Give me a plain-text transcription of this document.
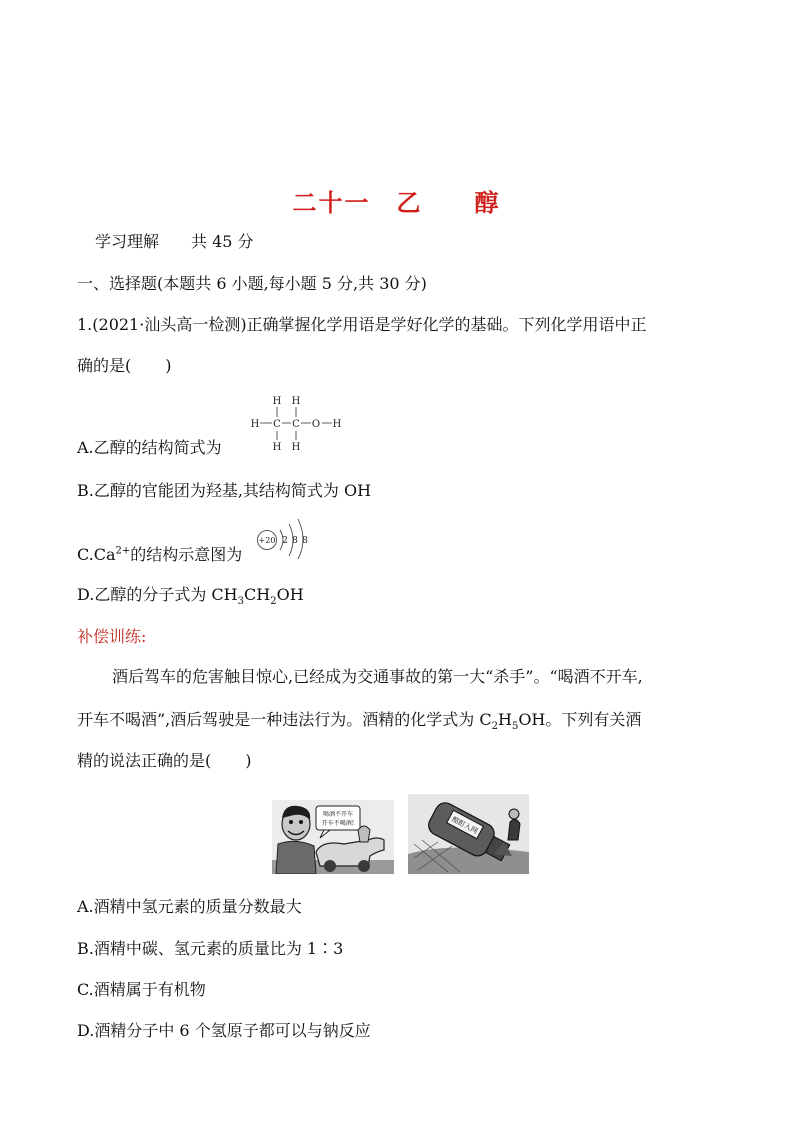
二十一　乙　　醇
学习理解　　共 45 分
一、选择题(本题共 6 小题,每小题 5 分,共 30 分)
1.(2021·汕头高一检测)正确掌握化学用语是学好化学的基础。下列化学用语中正
确的是( )
A.乙醇的结构简式为
H H
H C C O H
H H
B.乙醇的官能团为羟基,其结构简式为 OH
$C.Ca^{2+}$的结构示意图为
+20 2 8 8
D.乙醇的分子式为 $CH_3CH_2OH$
补偿训练:
酒后驾车的危害触目惊心,已经成为交通事故的第一大“杀手”。“喝酒不开车,
开车不喝酒”,酒后驾驶是一种违法行为。酒精的化学式为 $C_2H_5OH$。下列有关酒
精的说法正确的是( )
喝酒不开车
开车不喝酒!	酩酊入网
A.酒精中氢元素的质量分数最大
B.酒精中碳、氢元素的质量比为 1∶3
C.酒精属于有机物
D.酒精分子中 6 个氢原子都可以与钠反应
